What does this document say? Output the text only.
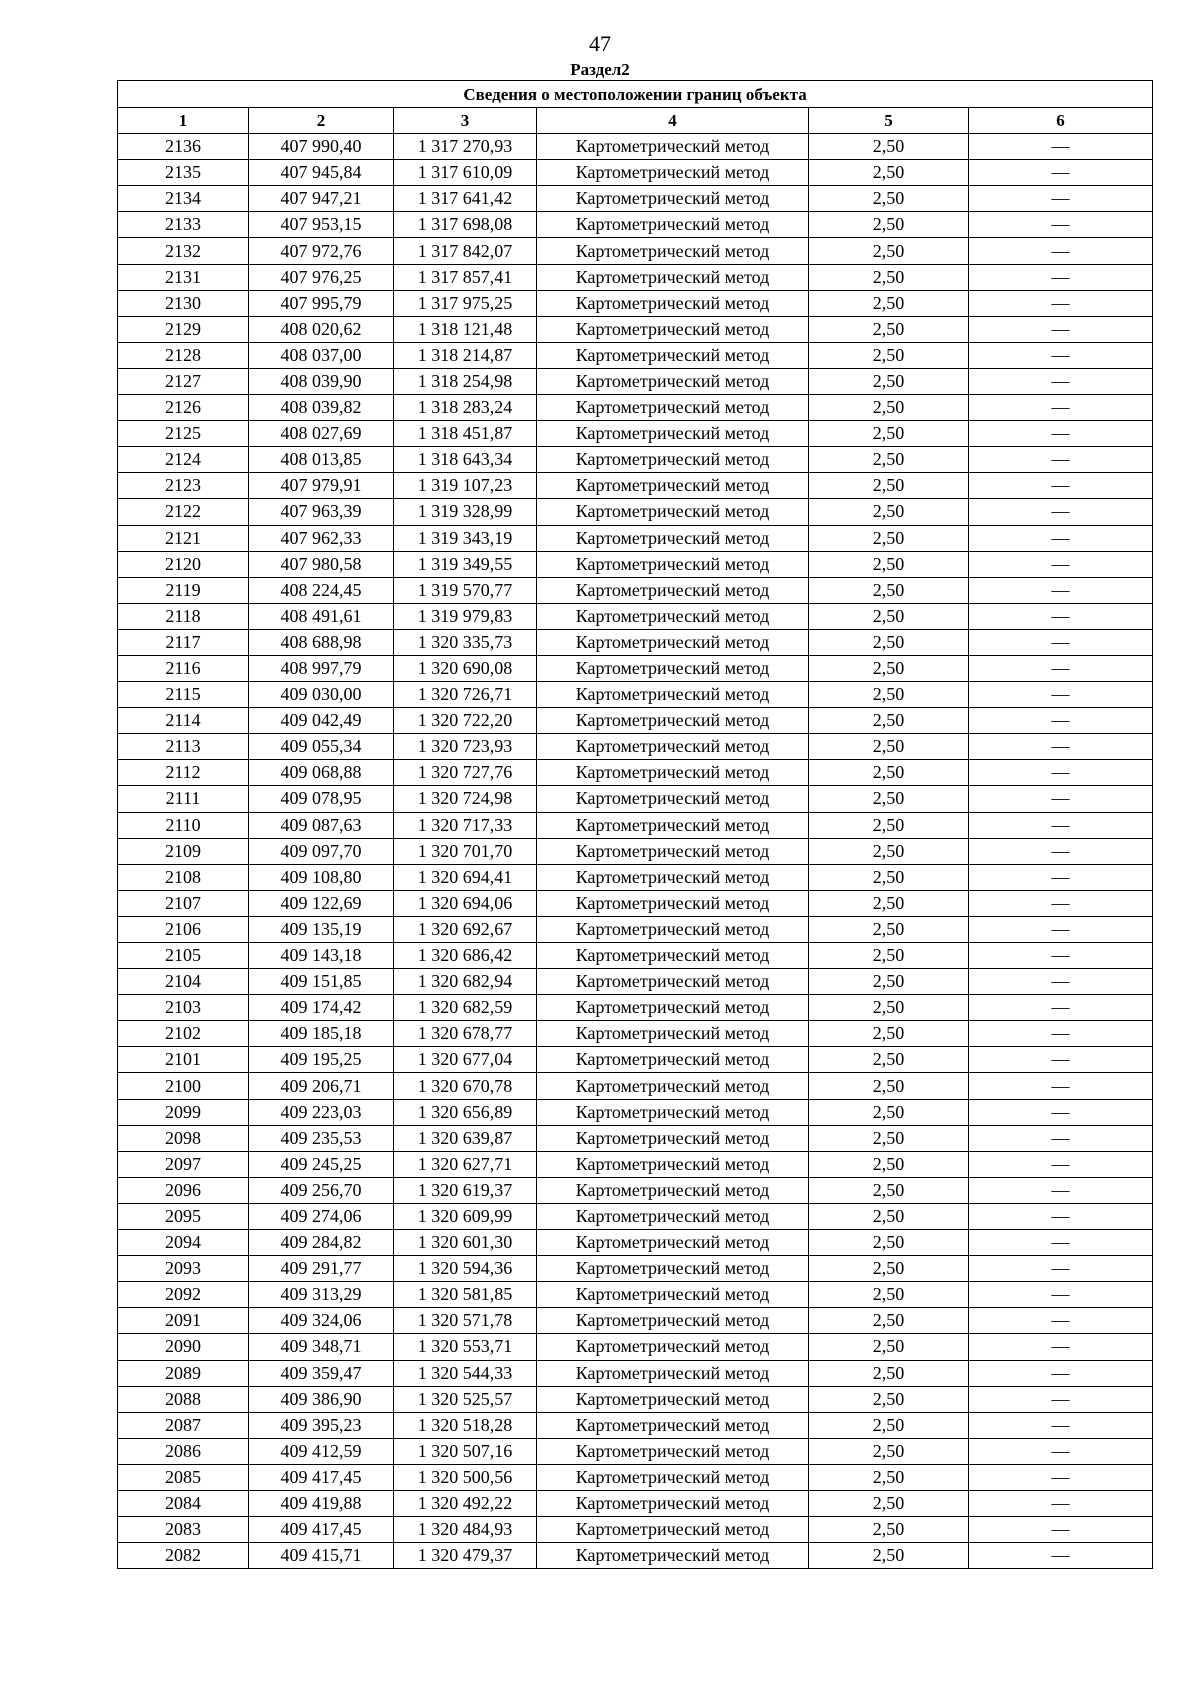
47
Раздел2
Сведения о местоположении границ объекта					
1	2	3	4	5	6
2136	407 990,40	1 317 270,93	Картометрический метод	2,50	—
2135	407 945,84	1 317 610,09	Картометрический метод	2,50	—
2134	407 947,21	1 317 641,42	Картометрический метод	2,50	—
2133	407 953,15	1 317 698,08	Картометрический метод	2,50	—
2132	407 972,76	1 317 842,07	Картометрический метод	2,50	—
2131	407 976,25	1 317 857,41	Картометрический метод	2,50	—
2130	407 995,79	1 317 975,25	Картометрический метод	2,50	—
2129	408 020,62	1 318 121,48	Картометрический метод	2,50	—
2128	408 037,00	1 318 214,87	Картометрический метод	2,50	—
2127	408 039,90	1 318 254,98	Картометрический метод	2,50	—
2126	408 039,82	1 318 283,24	Картометрический метод	2,50	—
2125	408 027,69	1 318 451,87	Картометрический метод	2,50	—
2124	408 013,85	1 318 643,34	Картометрический метод	2,50	—
2123	407 979,91	1 319 107,23	Картометрический метод	2,50	—
2122	407 963,39	1 319 328,99	Картометрический метод	2,50	—
2121	407 962,33	1 319 343,19	Картометрический метод	2,50	—
2120	407 980,58	1 319 349,55	Картометрический метод	2,50	—
2119	408 224,45	1 319 570,77	Картометрический метод	2,50	—
2118	408 491,61	1 319 979,83	Картометрический метод	2,50	—
2117	408 688,98	1 320 335,73	Картометрический метод	2,50	—
2116	408 997,79	1 320 690,08	Картометрический метод	2,50	—
2115	409 030,00	1 320 726,71	Картометрический метод	2,50	—
2114	409 042,49	1 320 722,20	Картометрический метод	2,50	—
2113	409 055,34	1 320 723,93	Картометрический метод	2,50	—
2112	409 068,88	1 320 727,76	Картометрический метод	2,50	—
2111	409 078,95	1 320 724,98	Картометрический метод	2,50	—
2110	409 087,63	1 320 717,33	Картометрический метод	2,50	—
2109	409 097,70	1 320 701,70	Картометрический метод	2,50	—
2108	409 108,80	1 320 694,41	Картометрический метод	2,50	—
2107	409 122,69	1 320 694,06	Картометрический метод	2,50	—
2106	409 135,19	1 320 692,67	Картометрический метод	2,50	—
2105	409 143,18	1 320 686,42	Картометрический метод	2,50	—
2104	409 151,85	1 320 682,94	Картометрический метод	2,50	—
2103	409 174,42	1 320 682,59	Картометрический метод	2,50	—
2102	409 185,18	1 320 678,77	Картометрический метод	2,50	—
2101	409 195,25	1 320 677,04	Картометрический метод	2,50	—
2100	409 206,71	1 320 670,78	Картометрический метод	2,50	—
2099	409 223,03	1 320 656,89	Картометрический метод	2,50	—
2098	409 235,53	1 320 639,87	Картометрический метод	2,50	—
2097	409 245,25	1 320 627,71	Картометрический метод	2,50	—
2096	409 256,70	1 320 619,37	Картометрический метод	2,50	—
2095	409 274,06	1 320 609,99	Картометрический метод	2,50	—
2094	409 284,82	1 320 601,30	Картометрический метод	2,50	—
2093	409 291,77	1 320 594,36	Картометрический метод	2,50	—
2092	409 313,29	1 320 581,85	Картометрический метод	2,50	—
2091	409 324,06	1 320 571,78	Картометрический метод	2,50	—
2090	409 348,71	1 320 553,71	Картометрический метод	2,50	—
2089	409 359,47	1 320 544,33	Картометрический метод	2,50	—
2088	409 386,90	1 320 525,57	Картометрический метод	2,50	—
2087	409 395,23	1 320 518,28	Картометрический метод	2,50	—
2086	409 412,59	1 320 507,16	Картометрический метод	2,50	—
2085	409 417,45	1 320 500,56	Картометрический метод	2,50	—
2084	409 419,88	1 320 492,22	Картометрический метод	2,50	—
2083	409 417,45	1 320 484,93	Картометрический метод	2,50	—
2082	409 415,71	1 320 479,37	Картометрический метод	2,50	—
